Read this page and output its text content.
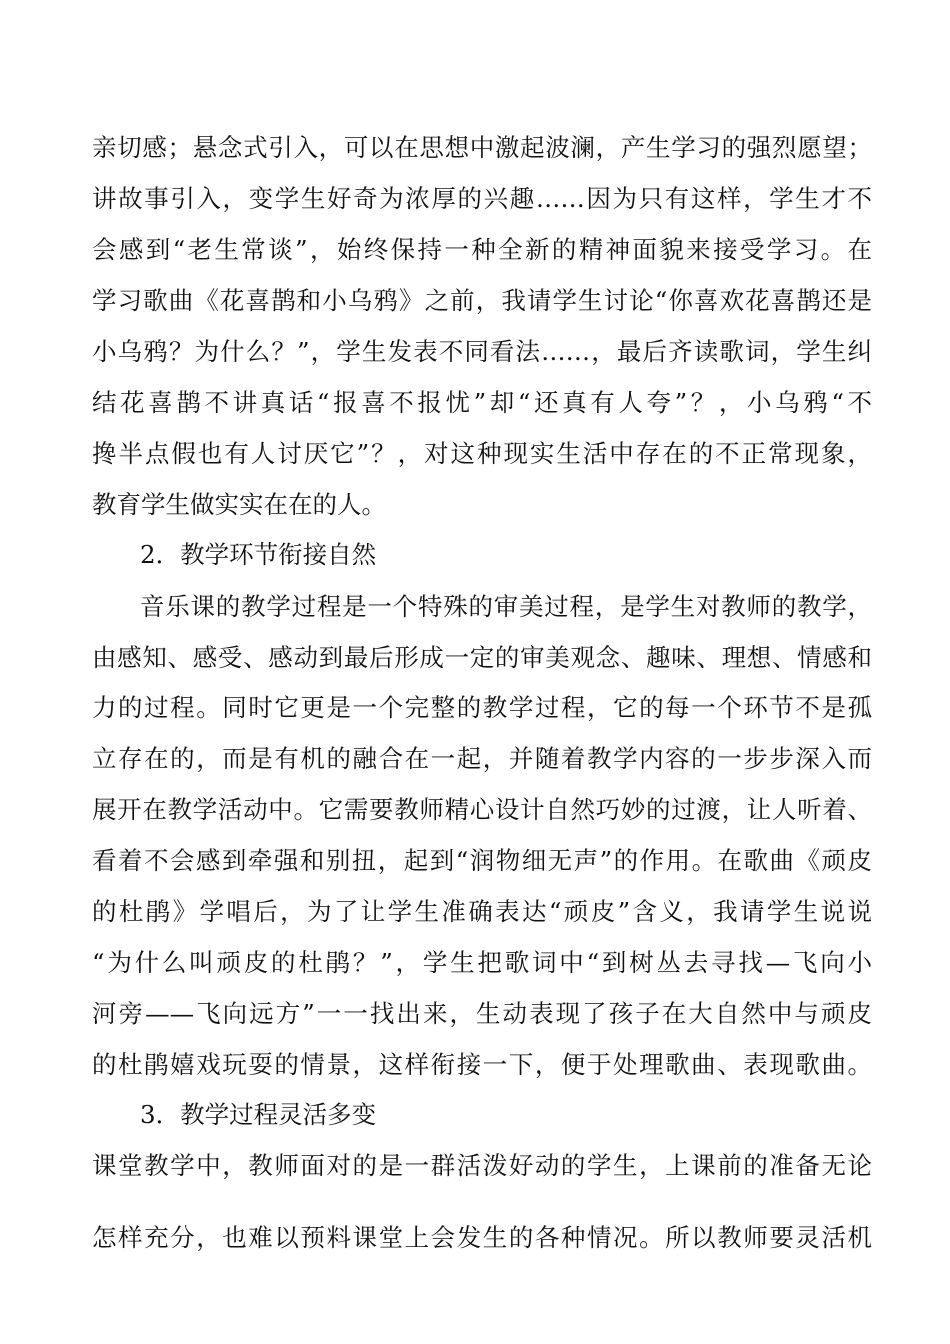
亲切感；悬念式引入，可以在思想中激起波澜，产生学习的强烈愿望；
讲故事引入，变学生好奇为浓厚的兴趣……因为只有这样，学生才不
会感到“老生常谈”，始终保持一种全新的精神面貌来接受学习。在
学习歌曲《花喜鹊和小乌鸦》之前，我请学生讨论“你喜欢花喜鹊还是
小乌鸦？为什么？”，学生发表不同看法……，最后齐读歌词，学生纠
结花喜鹊不讲真话“报喜不报忧”却“还真有人夸”？，小乌鸦“不
搀半点假也有人讨厌它”？，对这种现实生活中存在的不正常现象，
教育学生做实实在在的人。
2．教学环节衔接自然
音乐课的教学过程是一个特殊的审美过程，是学生对教师的教学，
由感知、感受、感动到最后形成一定的审美观念、趣味、理想、情感和
力的过程。同时它更是一个完整的教学过程，它的每一个环节不是孤
立存在的，而是有机的融合在一起，并随着教学内容的一步步深入而
展开在教学活动中。它需要教师精心设计自然巧妙的过渡，让人听着、
看着不会感到牵强和别扭，起到“润物细无声”的作用。在歌曲《顽皮
的杜鹃》学唱后，为了让学生准确表达“顽皮”含义，我请学生说说
“为什么叫顽皮的杜鹃？”，学生把歌词中“到树丛去寻找—飞向小
河旁——飞向远方”一一找出来，生动表现了孩子在大自然中与顽皮
的杜鹃嬉戏玩耍的情景，这样衔接一下，便于处理歌曲、表现歌曲。
3．教学过程灵活多变
课堂教学中，教师面对的是一群活泼好动的学生，上课前的准备无论
怎样充分，也难以预料课堂上会发生的各种情况。所以教师要灵活机
